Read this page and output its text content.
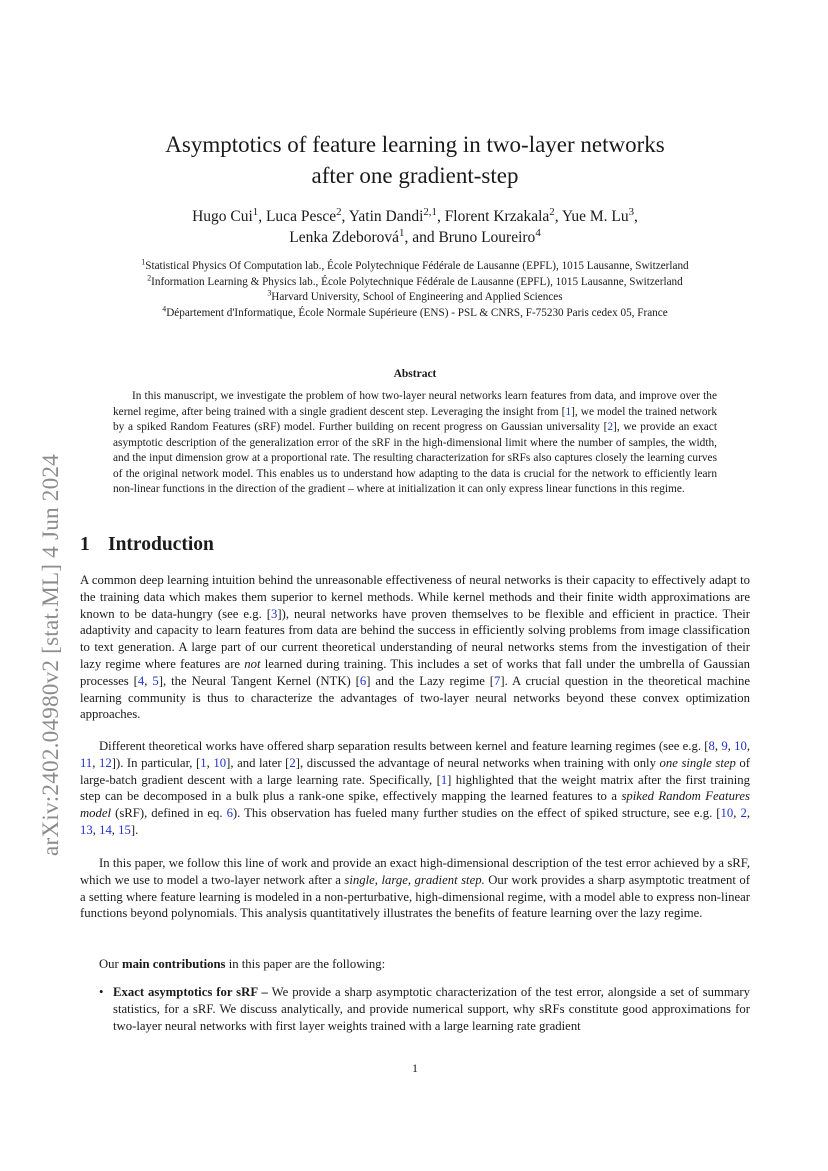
arXiv:2402.04980v2 [stat.ML] 4 Jun 2024
Asymptotics of feature learning in two-layer networks
after one gradient-step
Hugo Cui$^1$, Luca Pesce$^2$, Yatin Dandi$^{2,1}$, Florent Krzakala$^2$, Yue M. Lu$^3$,
Lenka Zdeborová$^1$, and Bruno Loureiro$^4$
$^1$Statistical Physics Of Computation lab., École Polytechnique Fédérale de Lausanne (EPFL), 1015 Lausanne, Switzerland
$^2$Information Learning & Physics lab., École Polytechnique Fédérale de Lausanne (EPFL), 1015 Lausanne, Switzerland
$^3$Harvard University, School of Engineering and Applied Sciences
$^4$Département d'Informatique, École Normale Supérieure (ENS) - PSL & CNRS, F-75230 Paris cedex 05, France
Abstract

In this manuscript, we investigate the problem of how two-layer neural networks learn features from data, and improve over the kernel regime, after being trained with a single gradient descent step. Leveraging the insight from [1], we model the trained network by a spiked Random Features (sRF) model. Further building on recent progress on Gaussian universality [2], we provide an exact asymptotic description of the generalization error of the sRF in the high-dimensional limit where the number of samples, the width, and the input dimension grow at a proportional rate. The resulting characterization for sRFs also captures closely the learning curves of the original network model. This enables us to understand how adapting to the data is crucial for the network to efficiently learn non-linear functions in the direction of the gradient – where at initialization it can only express linear functions in this regime.

1 Introduction

A common deep learning intuition behind the unreasonable effectiveness of neural networks is their capacity to effectively adapt to the training data which makes them superior to kernel methods. While kernel methods and their finite width approximations are known to be data-hungry (see e.g. [3]), neural networks have proven themselves to be flexible and efficient in practice. Their adaptivity and capacity to learn features from data are behind the success in efficiently solving problems from image classification to text generation. A large part of our current theoretical understanding of neural networks stems from the investigation of their lazy regime where features are not learned during training. This includes a set of works that fall under the umbrella of Gaussian processes [4, 5], the Neural Tangent Kernel (NTK) [6] and the Lazy regime [7]. A crucial question in the theoretical machine learning community is thus to characterize the advantages of two-layer neural networks beyond these convex optimization approaches.

Different theoretical works have offered sharp separation results between kernel and feature learning regimes (see e.g. [8, 9, 10, 11, 12]). In particular, [1, 10], and later [2], discussed the advantage of neural networks when training with only one single step of large-batch gradient descent with a large learning rate. Specifically, [1] highlighted that the weight matrix after the first training step can be decomposed in a bulk plus a rank-one spike, effectively mapping the learned features to a spiked Random Features model (sRF), defined in eq. 6). This observation has fueled many further studies on the effect of spiked structure, see e.g. [10, 2, 13, 14, 15].

In this paper, we follow this line of work and provide an exact high-dimensional description of the test error achieved by a sRF, which we use to model a two-layer network after a single, large, gradient step. Our work provides a sharp asymptotic treatment of a setting where feature learning is modeled in a non-perturbative, high-dimensional regime, with a model able to express non-linear functions beyond polynomials. This analysis quantitatively illustrates the benefits of feature learning over the lazy regime.

Our main contributions in this paper are the following:

• Exact asymptotics for sRF – We provide a sharp asymptotic characterization of the test error, alongside a set of summary statistics, for a sRF. We discuss analytically, and provide numerical support, why sRFs constitute good approximations for two-layer neural networks with first layer weights trained with a large learning rate gradient

1
